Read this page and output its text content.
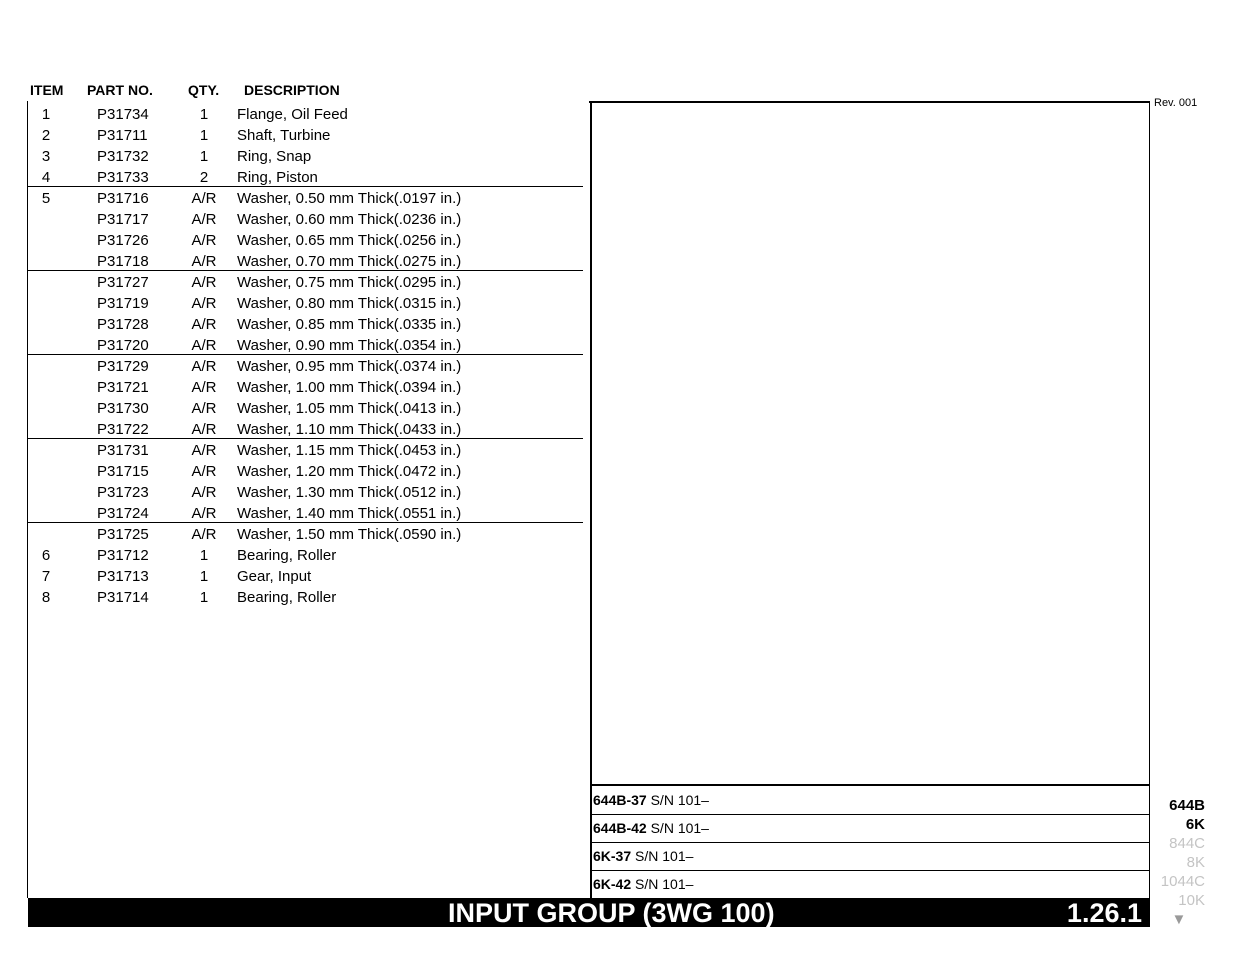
ITEM PART NO.	QTY. DESCRIPTION
1	P31734	1 Flange, Oil Feed
2	P31711	1 Shaft, Turbine
3	P31732	1 Ring, Snap
4	P31733	2 Ring, Piston
5	P31716	A/R Washer, 0.50 mm Thick(.0197 in.)
P31717	A/R Washer, 0.60 mm Thick(.0236 in.)
P31726	A/R Washer, 0.65 mm Thick(.0256 in.)
P31718	A/R Washer, 0.70 mm Thick(.0275 in.)
P31727	A/R Washer, 0.75 mm Thick(.0295 in.)
P31719	A/R Washer, 0.80 mm Thick(.0315 in.)
P31728	A/R Washer, 0.85 mm Thick(.0335 in.)
P31720	A/R Washer, 0.90 mm Thick(.0354 in.)
P31729	A/R Washer, 0.95 mm Thick(.0374 in.)
P31721	A/R Washer, 1.00 mm Thick(.0394 in.)
P31730	A/R Washer, 1.05 mm Thick(.0413 in.)
P31722	A/R Washer, 1.10 mm Thick(.0433 in.)
P31731	A/R Washer, 1.15 mm Thick(.0453 in.)
P31715	A/R Washer, 1.20 mm Thick(.0472 in.)
P31723	A/R Washer, 1.30 mm Thick(.0512 in.)
P31724	A/R Washer, 1.40 mm Thick(.0551 in.)
P31725	A/R Washer, 1.50 mm Thick(.0590 in.)
6	P31712	1 Bearing, Roller
7	P31713	1 Gear, Input
8	P31714	1 Bearing, Roller
Rev. 001
644B-37 S/N 101–
644B-42 S/N 101–
6K-37 S/N 101–
6K-42 S/N 101–
644B
6K
844C
8K
1044C
10K
▼
INPUT GROUP (3WG 100)	1.26.1
